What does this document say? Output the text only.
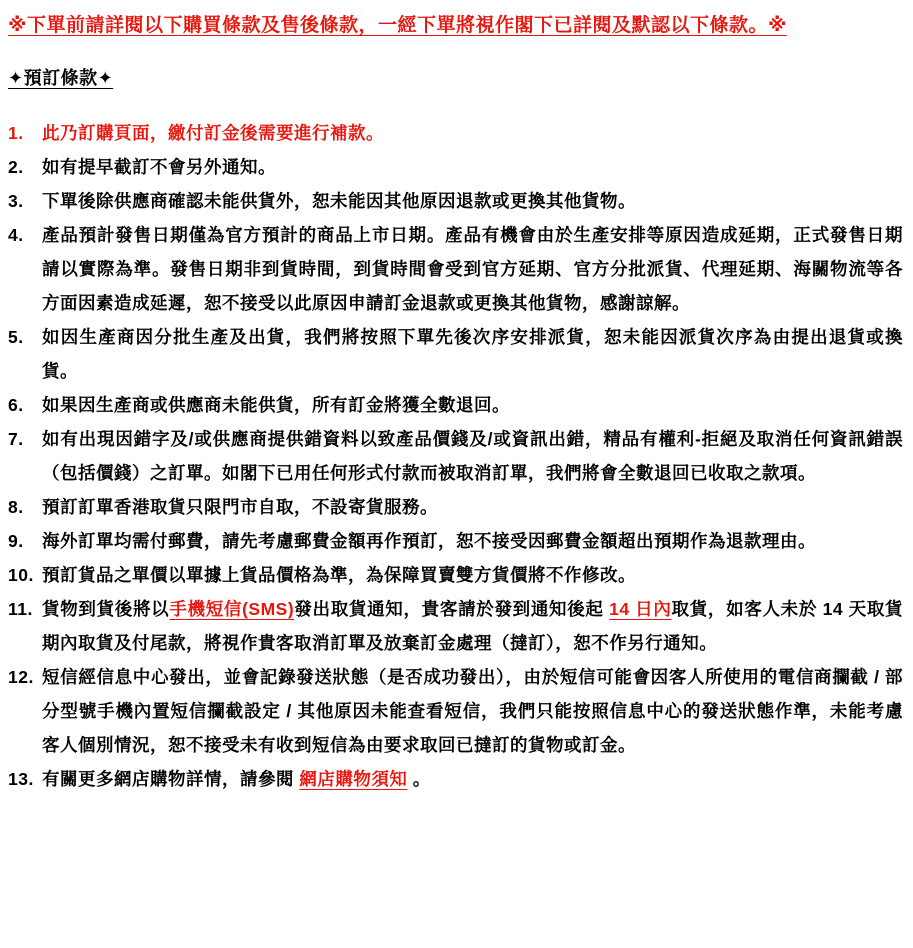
※下單前請詳閱以下購買條款及售後條款，一經下單將視作閣下已詳閱及默認以下條款。※
✦預訂條款✦
1.	此乃訂購頁面，繳付訂金後需要進行補款。
2.	如有提早截訂不會另外通知。
3.	下單後除供應商確認未能供貨外，恕未能因其他原因退款或更換其他貨物。
4.	產品預計發售日期僅為官方預計的商品上市日期。產品有機會由於生產安排等原因造成延期，正式發售日期請以實際為準。發售日期非到貨時間，到貨時間會受到官方延期、官方分批派貨、代理延期、海關物流等各方面因素造成延遲，恕不接受以此原因申請訂金退款或更換其他貨物，感謝諒解。
5.	如因生產商因分批生產及出貨，我們將按照下單先後次序安排派貨，恕未能因派貨次序為由提出退貨或換貨。
6.	如果因生產商或供應商未能供貨，所有訂金將獲全數退回。
7.	如有出現因錯字及/或供應商提供錯資料以致產品價錢及/或資訊出錯，精品有權利-拒絕及取消任何資訊錯誤（包括價錢）之訂單。如閣下已用任何形式付款而被取消訂單，我們將會全數退回已收取之款項。
8.	預訂訂單香港取貨只限門市自取，不設寄貨服務。
9.	海外訂單均需付郵費，請先考慮郵費金額再作預訂，恕不接受因郵費金額超出預期作為退款理由。
10. 預訂貨品之單價以單據上貨品價格為準，為保障買賣雙方貨價將不作修改。
11. 貨物到貨後將以手機短信(SMS)發出取貨通知，貴客請於發到通知後起 14 日內取貨，如客人未於 14 天取貨期內取貨及付尾款，將視作貴客取消訂單及放棄訂金處理（撻訂），恕不作另行通知。
12. 短信經信息中心發出，並會記錄發送狀態（是否成功發出），由於短信可能會因客人所使用的電信商攔截 / 部分型號手機內置短信攔截設定 / 其他原因未能查看短信，我們只能按照信息中心的發送狀態作準，未能考慮客人個別情況，恕不接受未有收到短信為由要求取回已撻訂的貨物或訂金。
13. 有關更多網店購物詳情，請參閱 網店購物須知 。
